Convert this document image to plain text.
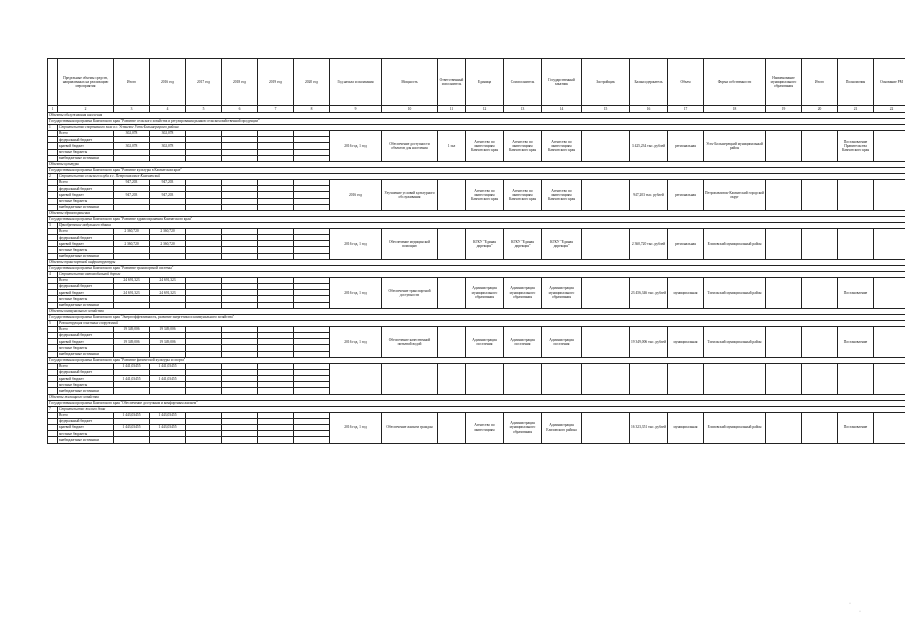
	Предельные объемы средств, направленных на реализацию мероприятия	Итого	2016 год	2017 год	2018 год	2019 год	2020 год	Год начала и окончания	Мощность	Ответственный исполнитель	Единица	Соисполнитель	Государственный заказчик	Застройщик	Балансодержатель	Объем	Форма собственности	Наименование муниципального образования	Итого	Полномочия	Основание РМ
1	2	3	4	5	6	7	8	9	10	11	12	13	14	15	16	17	18	19	20	21	22
Объекты обслуживания населения																					
Государственная программа Камчатского края "Развитие сельского хозяйства и регулирования рынков сельскохозяйственной продукции"																					
1	Строительство спортивного зала в с. Устьевое Усть-Большерецкого района																				
	Всего	302,078	302,078					2016 год, 1 год	Обеспечение доступности объектов для населения	1 зал	Агентство по инвестициям Камчатского края	Агентство по инвестициям Камчатского края	Агентство по инвестициям Камчатского края		3 425,234 тыс. рублей	региональная	Усть-Большерецкий муниципальный район			Постановление Правительства Камчатского края	
	федеральный бюджет																				
	краевой бюджет	302,078	302,078																		
	местные бюджеты																				
	внебюджетные источники																				
Объекты культуры																					
Государственная программа Камчатского края "Развитие культуры в Камчатском крае"																					
2	Строительство сельского клуба в с. Петропавловск-Камчатский																				
	Всего	947,203	947,203					2016 год	Улучшение условий культурного обслуживания		Агентство по инвестициям Камчатского края	Агентство по инвестициям Камчатского края	Агентство по инвестициям Камчатского края		947,203 тыс. рублей	региональная	Петропавловск-Камчатский городской округ				
	федеральный бюджет																				
	краевой бюджет	947,203	947,203																		
	местные бюджеты																				
	внебюджетные источники																				
Объекты здравоохранения																					
Государственная программа Камчатского края "Развитие здравоохранения Камчатского края"																					
3	Приобретение модульного здания																				
	Всего	2 360,720	2 360,720					2016 год, 1 год	Обеспечение медицинской помощью		КГКУ "Единая дирекция"	КГКУ "Единая дирекция"	КГКУ "Единая дирекция"		2 360,720 тыс. рублей	региональная	Елизовский муниципальный район				
	федеральный бюджет																				
	краевой бюджет	2 360,720	2 360,720																		
	местные бюджеты																				
	внебюджетные источники																				
Объекты транспортной инфраструктуры																					
Государственная программа Камчатского края "Развитие транспортной системы"																					
4	Строительство автомобильной дороги																				
	Всего	24 691,323	24 691,323					2016 год, 1 год	Обеспечение транспортной доступности		Администрация муниципального образования	Администрация муниципального образования	Администрация муниципального образования		23 456,346 тыс. рублей	муниципальная	Тигильский муниципальный район			Постановление	
	федеральный бюджет																				
	краевой бюджет	24 691,323	24 691,323																		
	местные бюджеты																				
	внебюджетные источники																				
Объекты коммунального хозяйства																					
Государственная программа Камчатского края "Энергоэффективность, развитие энергетики и коммунального хозяйства"																					
5	Реконструкция очистных сооружений																				
	Всего	19 349,006	19 349,006					2016 год, 1 год	Обеспечение качественной питьевой водой		Администрация поселения	Администрация поселения	Администрация поселения		19 349,006 тыс. рублей	муниципальная	Тигильский муниципальный район			Постановление	
	федеральный бюджет																				
	краевой бюджет	19 349,006	19 349,006																		
	местные бюджеты																				
	внебюджетные источники																				
Государственная программа Камчатского края "Развитие физической культуры и спорта"																					
	Всего	1 441,03455	1 441,03455																		
	федеральный бюджет																				
	краевой бюджет	1 441,03455	1 441,03455																		
	местные бюджеты																				
	внебюджетные источники																				
Объекты жилищного хозяйства																					
Государственная программа Камчатского края "Обеспечение доступным и комфортным жильем"																					
7	Строительство жилого дома																				
	Всего	1 443,03455	1 443,03455					2016 год, 1 год	Обеспечение жильем граждан		Агентство по инвестициям	Администрация муниципального образования	Администрация Елизовского района		16 323,351 тыс. рублей	муниципальная	Елизовский муниципальный район			Постановление	
	федеральный бюджет																				
	краевой бюджет	1 443,03455	1 443,03455																		
	местные бюджеты																				
	внебюджетные источники																				
·
·
